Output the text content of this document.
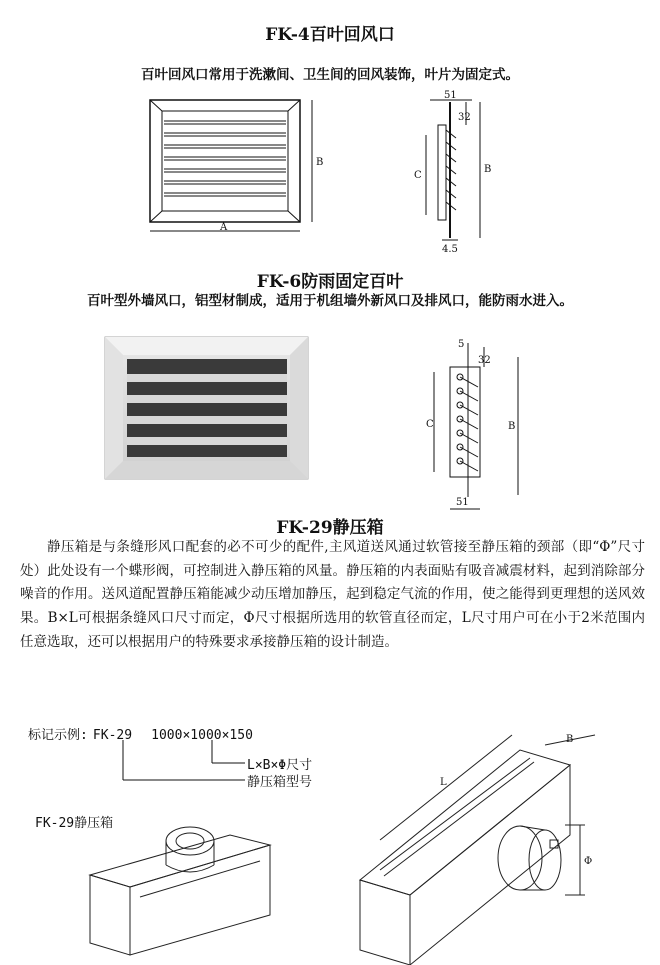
FK-4百叶回风口
百叶回风口常用于洗漱间、卫生间的回风装饰，叶片为固定式。
A
B
51
32
C
B
4.5
FK-6防雨固定百叶
百叶型外墙风口，铝型材制成，适用于机组墙外新风口及排风口，能防雨水进入。
5
32
C	B
51
FK-29静压箱
静压箱是与条缝形风口配套的必不可少的配件,主风道送风通过软管接至静压箱的颈部（即“Φ”尺寸处）此处设有一个蝶形阀，可控制进入静压箱的风量。静压箱的内表面贴有吸音减震材料，起到消除部分噪音的作用。送风道配置静压箱能减少动压增加静压，起到稳定气流的作用，使之能得到更理想的送风效果。B×L可根据条缝风口尺寸而定，Φ尺寸根据所选用的软管直径而定，L尺寸用户可在小于2米范围内任意选取，还可以根据用户的特殊要求承接静压箱的设计制造。
标记示例: FK-29 1000×1000×150
L×B×Φ尺寸
静压箱型号
FK-29静压箱
L
B
Φ
